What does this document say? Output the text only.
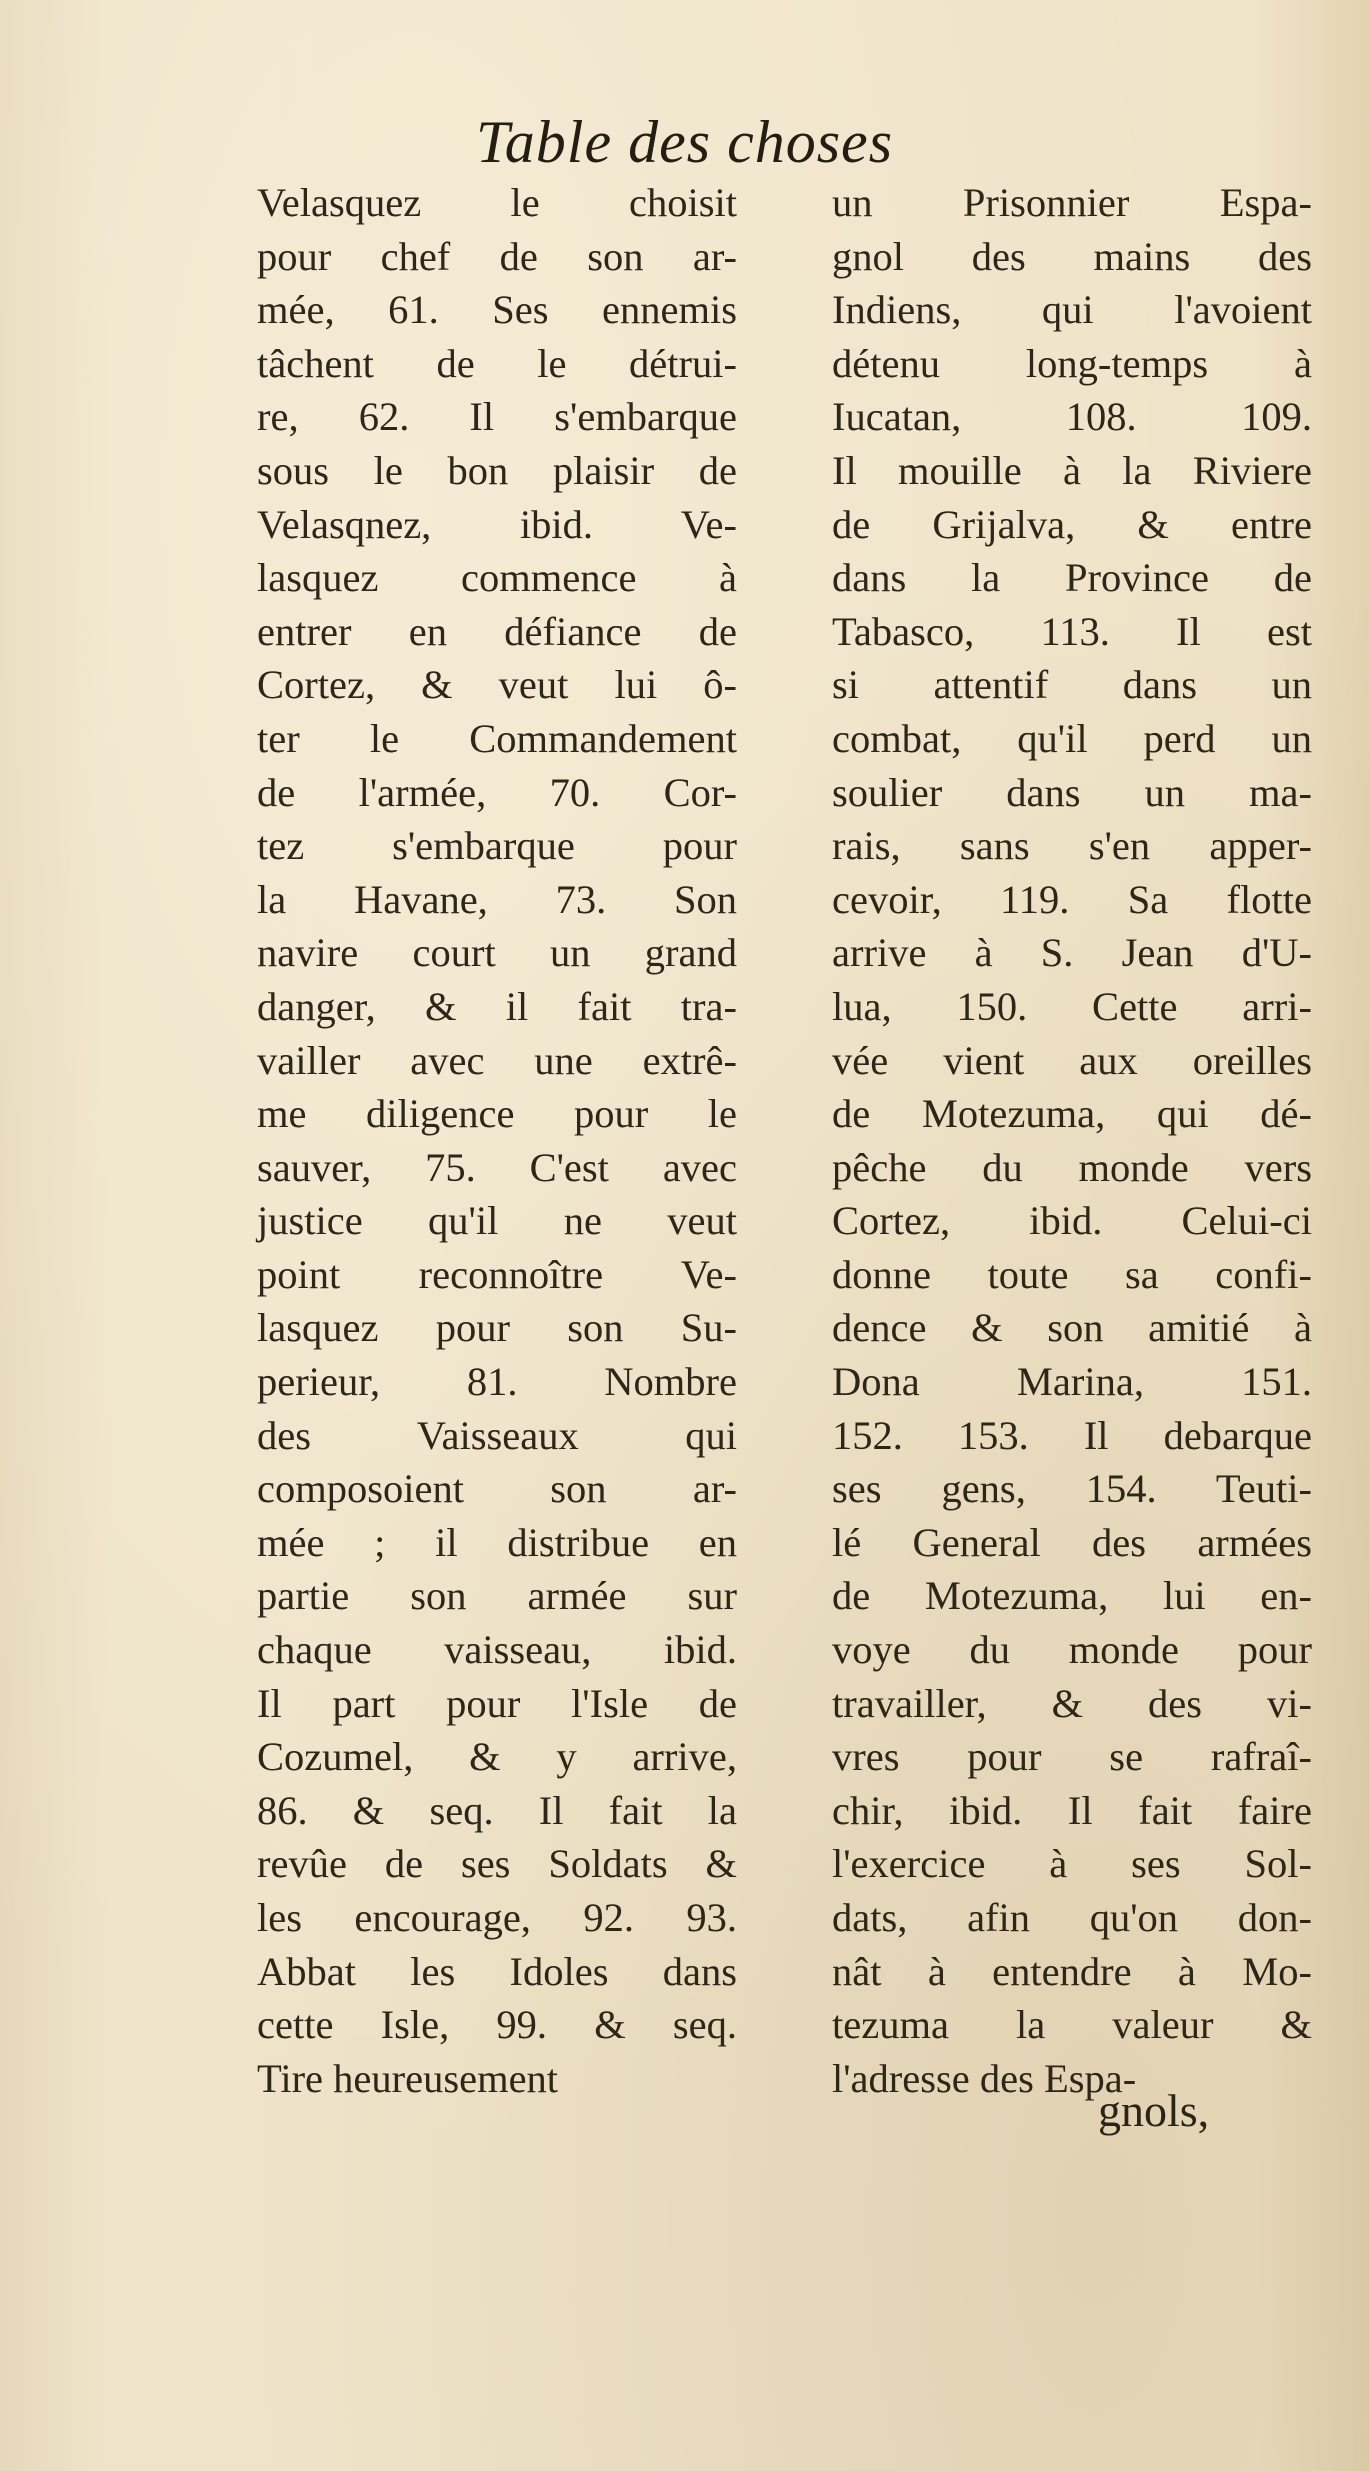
Table des choses
Velasquez le choisit
pour chef de son ar-
mée, 61. Ses ennemis
tâchent de le détrui-
re, 62. Il s'embarque
sous le bon plaisir de
Velasqnez, ibid. Ve-
lasquez commence à
entrer en défiance de
Cortez, & veut lui ô-
ter le Commandement
de l'armée, 70. Cor-
tez s'embarque pour
la Havane, 73. Son
navire court un grand
danger, & il fait tra-
vailler avec une extrê-
me diligence pour le
sauver, 75. C'est avec
justice qu'il ne veut
point reconnoître Ve-
lasquez pour son Su-
perieur, 81. Nombre
des Vaisseaux qui
composoient son ar-
mée ; il distribue en
partie son armée sur
chaque vaisseau, ibid.
Il part pour l'Isle de
Cozumel, & y arrive,
86. & seq. Il fait la
revûe de ses Soldats &
les encourage, 92. 93.
Abbat les Idoles dans
cette Isle, 99. & seq.
Tire heureusement
un Prisonnier Espa-
gnol des mains des
Indiens, qui l'avoient
détenu long-temps à
Iucatan, 108. 109.
Il mouille à la Riviere
de Grijalva, & entre
dans la Province de
Tabasco, 113. Il est
si attentif dans un
combat, qu'il perd un
soulier dans un ma-
rais, sans s'en apper-
cevoir, 119. Sa flotte
arrive à S. Jean d'U-
lua, 150. Cette arri-
vée vient aux oreilles
de Motezuma, qui dé-
pêche du monde vers
Cortez, ibid. Celui-ci
donne toute sa confi-
dence & son amitié à
Dona Marina, 151.
152. 153. Il debarque
ses gens, 154. Teuti-
lé General des armées
de Motezuma, lui en-
voye du monde pour
travailler, & des vi-
vres pour se rafraî-
chir, ibid. Il fait faire
l'exercice à ses Sol-
dats, afin qu'on don-
nât à entendre à Mo-
tezuma la valeur &
l'adresse des Espa-
gnols,
